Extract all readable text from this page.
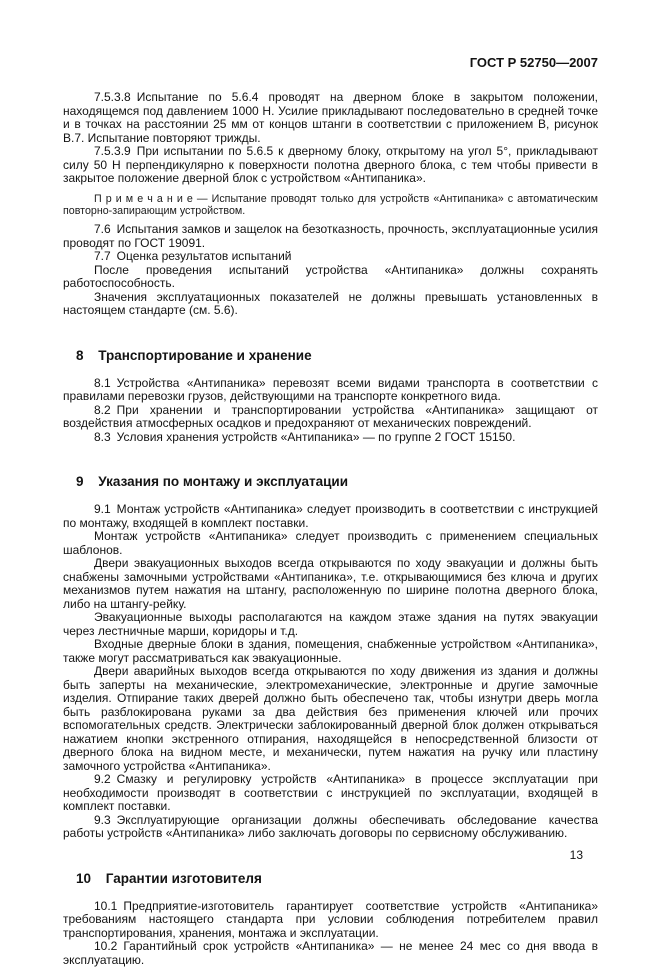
ГОСТ Р 52750—2007

7.5.3.8 Испытание по 5.6.4 проводят на дверном блоке в закрытом положении, находящемся под давлением 1000 Н. Усилие прикладывают последовательно в средней точке и в точках на расстоянии 25 мм от концов штанги в соответствии с приложением В, рисунок В.7. Испытание повторяют трижды.

7.5.3.9 При испытании по 5.6.5 к дверному блоку, открытому на угол 5°, прикладывают силу 50 Н перпендикулярно к поверхности полотна дверного блока, с тем чтобы привести в закрытое положение дверной блок с устройством «Антипаника».

П р и м е ч а н и е — Испытание проводят только для устройств «Антипаника» с автоматическим повторно-запирающим устройством.

7.6 Испытания замков и защелок на безотказность, прочность, эксплуатационные усилия проводят по ГОСТ 19091.

7.7 Оценка результатов испытаний

После проведения испытаний устройства «Антипаника» должны сохранять работоспособность.

Значения эксплуатационных показателей не должны превышать установленных в настоящем стандарте (см. 5.6).

8 Транспортирование и хранение

8.1 Устройства «Антипаника» перевозят всеми видами транспорта в соответствии с правилами перевозки грузов, действующими на транспорте конкретного вида.

8.2 При хранении и транспортировании устройства «Антипаника» защищают от воздействия атмосферных осадков и предохраняют от механических повреждений.

8.3 Условия хранения устройств «Антипаника» — по группе 2 ГОСТ 15150.

9 Указания по монтажу и эксплуатации

9.1 Монтаж устройств «Антипаника» следует производить в соответствии с инструкцией по монтажу, входящей в комплект поставки.

Монтаж устройств «Антипаника» следует производить с применением специальных шаблонов.

Двери эвакуационных выходов всегда открываются по ходу эвакуации и должны быть снабжены замочными устройствами «Антипаника», т.е. открывающимися без ключа и других механизмов путем нажатия на штангу, расположенную по ширине полотна дверного блока, либо на штангу-рейку.

Эвакуационные выходы располагаются на каждом этаже здания на путях эвакуации через лестничные марши, коридоры и т.д.

Входные дверные блоки в здания, помещения, снабженные устройством «Антипаника», также могут рассматриваться как эвакуационные.

Двери аварийных выходов всегда открываются по ходу движения из здания и должны быть заперты на механические, электромеханические, электронные и другие замочные изделия. Отпирание таких дверей должно быть обеспечено так, чтобы изнутри дверь могла быть разблокирована руками за два действия без применения ключей или прочих вспомогательных средств. Электрически заблокированный дверной блок должен открываться нажатием кнопки экстренного отпирания, находящейся в непосредственной близости от дверного блока на видном месте, и механически, путем нажатия на ручку или пластину замочного устройства «Антипаника».

9.2 Смазку и регулировку устройств «Антипаника» в процессе эксплуатации при необходимости производят в соответствии с инструкцией по эксплуатации, входящей в комплект поставки.

9.3 Эксплуатирующие организации должны обеспечивать обследование качества работы устройств «Антипаника» либо заключать договоры по сервисному обслуживанию.

10 Гарантии изготовителя

10.1 Предприятие-изготовитель гарантирует соответствие устройств «Антипаника» требованиям настоящего стандарта при условии соблюдения потребителем правил транспортирования, хранения, монтажа и эксплуатации.

10.2 Гарантийный срок устройств «Антипаника» — не менее 24 мес со дня ввода в эксплуатацию.

13
